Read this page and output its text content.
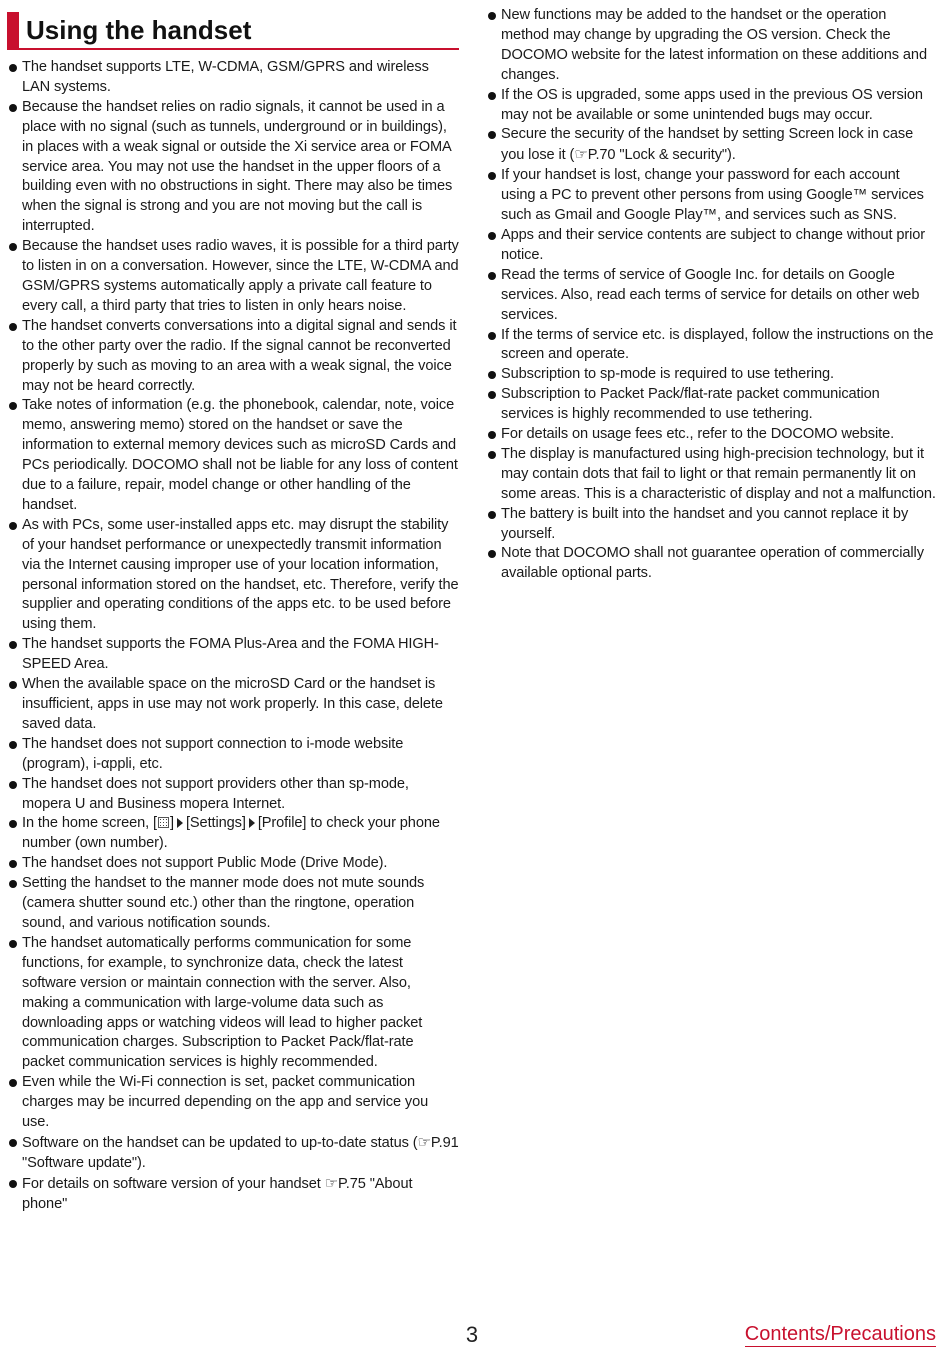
Using the handset
The handset supports LTE, W-CDMA, GSM/GPRS and wireless LAN systems.
Because the handset relies on radio signals, it cannot be used in a place with no signal (such as tunnels, underground or in buildings), in places with a weak signal or outside the Xi service area or FOMA service area. You may not use the handset in the upper floors of a building even with no obstructions in sight. There may also be times when the signal is strong and you are not moving but the call is interrupted.
Because the handset uses radio waves, it is possible for a third party to listen in on a conversation. However, since the LTE, W-CDMA and GSM/GPRS systems automatically apply a private call feature to every call, a third party that tries to listen in only hears noise.
The handset converts conversations into a digital signal and sends it to the other party over the radio. If the signal cannot be reconverted properly by such as moving to an area with a weak signal, the voice may not be heard correctly.
Take notes of information (e.g. the phonebook, calendar, note, voice memo, answering memo) stored on the handset or save the information to external memory devices such as microSD Cards and PCs periodically. DOCOMO shall not be liable for any loss of content due to a failure, repair, model change or other handling of the handset.
As with PCs, some user-installed apps etc. may disrupt the stability of your handset performance or unexpectedly transmit information via the Internet causing improper use of your location information, personal information stored on the handset, etc. Therefore, verify the supplier and operating conditions of the apps etc. to be used before using them.
The handset supports the FOMA Plus-Area and the FOMA HIGH-SPEED Area.
When the available space on the microSD Card or the handset is insufficient, apps in use may not work properly. In this case, delete saved data.
The handset does not support connection to i-mode website (program), i-αppli, etc.
The handset does not support providers other than sp-mode, mopera U and Business mopera Internet.
In the home screen, [ ] [Settings] [Profile] to check your phone number (own number).
The handset does not support Public Mode (Drive Mode).
Setting the handset to the manner mode does not mute sounds (camera shutter sound etc.) other than the ringtone, operation sound, and various notification sounds.
The handset automatically performs communication for some functions, for example, to synchronize data, check the latest software version or maintain connection with the server. Also, making a communication with large-volume data such as downloading apps or watching videos will lead to higher packet communication charges. Subscription to Packet Pack/flat-rate packet communication services is highly recommended.
Even while the Wi-Fi connection is set, packet communication charges may be incurred depending on the app and service you use.
Software on the handset can be updated to up-to-date status (☞P.91 "Software update").
For details on software version of your handset ☞P.75 "About phone"
New functions may be added to the handset or the operation method may change by upgrading the OS version. Check the DOCOMO website for the latest information on these additions and changes.
If the OS is upgraded, some apps used in the previous OS version may not be available or some unintended bugs may occur.
Secure the security of the handset by setting Screen lock in case you lose it (☞P.70 "Lock & security").
If your handset is lost, change your password for each account using a PC to prevent other persons from using Google™ services such as Gmail and Google Play™, and services such as SNS.
Apps and their service contents are subject to change without prior notice.
Read the terms of service of Google Inc. for details on Google services. Also, read each terms of service for details on other web services.
If the terms of service etc. is displayed, follow the instructions on the screen and operate.
Subscription to sp-mode is required to use tethering.
Subscription to Packet Pack/flat-rate packet communication services is highly recommended to use tethering.
For details on usage fees etc., refer to the DOCOMO website.
The display is manufactured using high-precision technology, but it may contain dots that fail to light or that remain permanently lit on some areas. This is a characteristic of display and not a malfunction.
The battery is built into the handset and you cannot replace it by yourself.
Note that DOCOMO shall not guarantee operation of commercially available optional parts.
3	Contents/Precautions
